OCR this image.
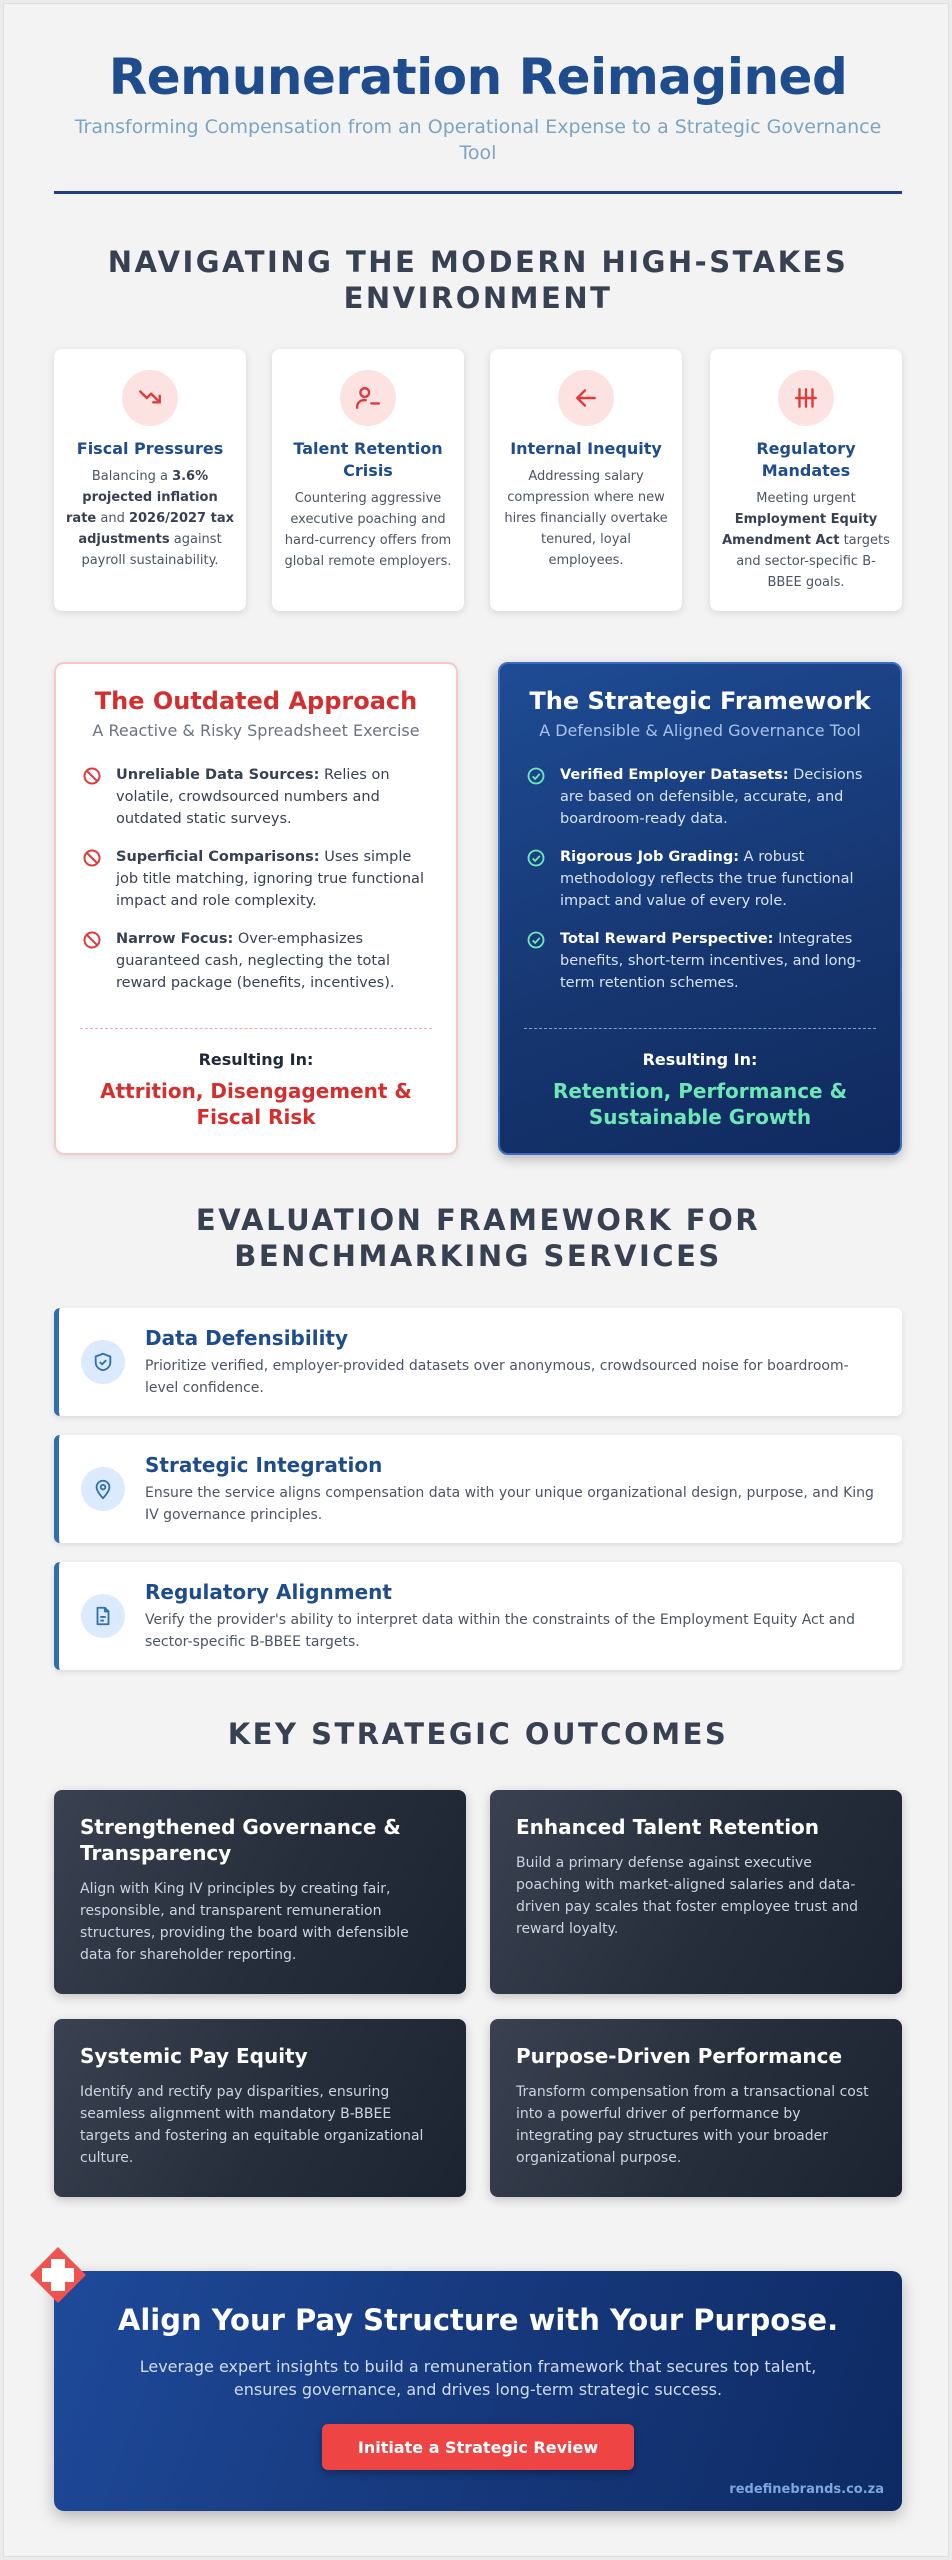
Remuneration Reimagined

Transforming Compensation from an Operational Expense to a Strategic Governance Tool

NAVIGATING THE MODERN HIGH-STAKES ENVIRONMENT
Fiscal Pressures
Balancing a 3.6% projected inflation rate and 2026/2027 tax adjustments against payroll sustainability.
Talent Retention Crisis
Countering aggressive executive poaching and hard-currency offers from global remote employers.
Internal Inequity
Addressing salary compression where new hires financially overtake tenured, loyal employees.
Regulatory Mandates
Meeting urgent Employment Equity Amendment Act targets and sector-specific B-BBEE goals.
The Outdated Approach
A Reactive & Risky Spreadsheet Exercise
Unreliable Data Sources: Relies on volatile, crowdsourced numbers and outdated static surveys.
Superficial Comparisons: Uses simple job title matching, ignoring true functional impact and role complexity.
Narrow Focus: Over-emphasizes guaranteed cash, neglecting the total reward package (benefits, incentives).
Resulting In:
Attrition, Disengagement & Fiscal Risk
The Strategic Framework
A Defensible & Aligned Governance Tool
Verified Employer Datasets: Decisions are based on defensible, accurate, and boardroom-ready data.
Rigorous Job Grading: A robust methodology reflects the true functional impact and value of every role.
Total Reward Perspective: Integrates benefits, short-term incentives, and long-term retention schemes.
Resulting In:
Retention, Performance & Sustainable Growth
EVALUATION FRAMEWORK FOR BENCHMARKING SERVICES
Data Defensibility
Prioritize verified, employer-provided datasets over anonymous, crowdsourced noise for boardroom-level confidence.
Strategic Integration
Ensure the service aligns compensation data with your unique organizational design, purpose, and King IV governance principles.
Regulatory Alignment
Verify the provider's ability to interpret data within the constraints of the Employment Equity Act and sector-specific B-BBEE targets.
KEY STRATEGIC OUTCOMES
Strengthened Governance & Transparency
Align with King IV principles by creating fair, responsible, and transparent remuneration structures, providing the board with defensible data for shareholder reporting.
Enhanced Talent Retention
Build a primary defense against executive poaching with market-aligned salaries and data-driven pay scales that foster employee trust and reward loyalty.
Systemic Pay Equity
Identify and rectify pay disparities, ensuring seamless alignment with mandatory B-BBEE targets and fostering an equitable organizational culture.
Purpose-Driven Performance
Transform compensation from a transactional cost into a powerful driver of performance by integrating pay structures with your broader organizational purpose.
Align Your Pay Structure with Your Purpose.
Leverage expert insights to build a remuneration framework that secures top talent, ensures governance, and drives long-term strategic success.
Initiate a Strategic Review
redefinebrands.co.za
